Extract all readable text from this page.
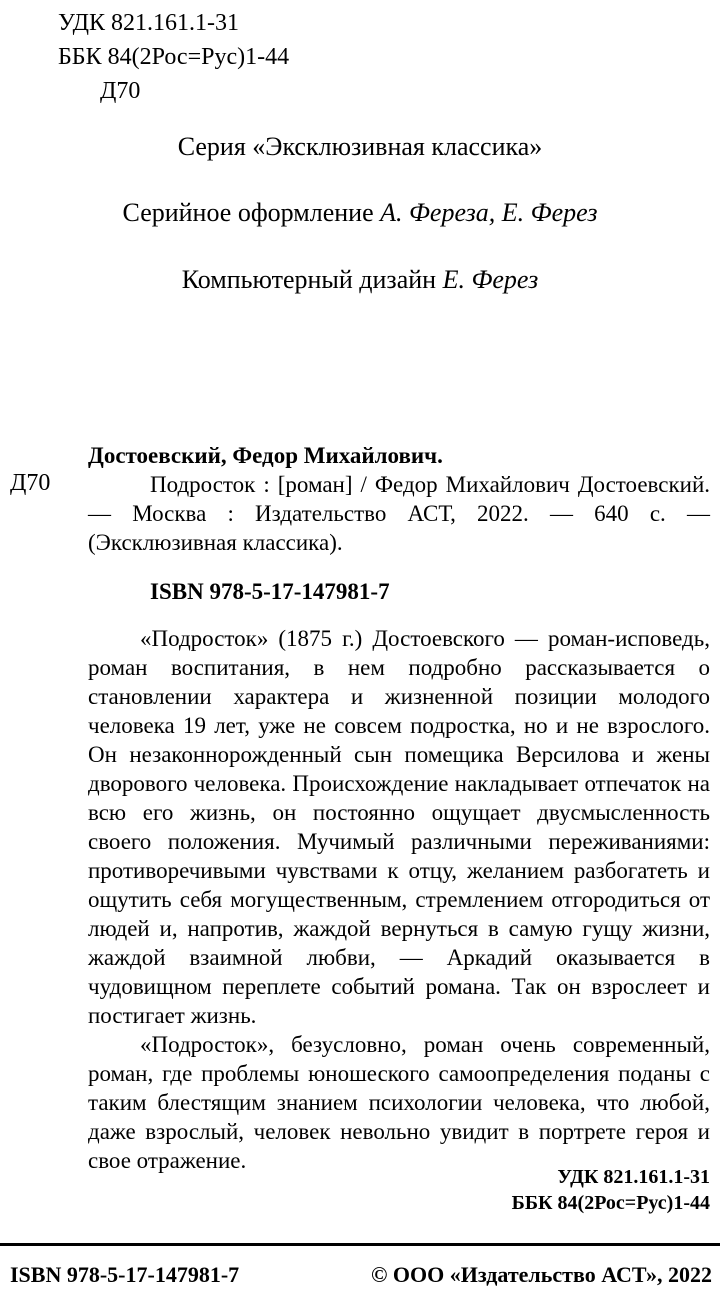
УДК 821.161.1-31
ББК 84(2Рос=Рус)1-44
Д70
Серия «Эксклюзивная классика»
Серийное оформление А. Фереза, Е. Ферез
Компьютерный дизайн Е. Ферез
Д70
Достоевский, Федор Михайлович.

Подросток : [роман] / Федор Михайлович Достоевский. — Москва : Издательство АСТ, 2022. — 640 с. — (Эксклюзивная классика).

ISBN 978-5-17-147981-7

«Подросток» (1875 г.) Достоевского — роман-исповедь, роман воспитания, в нем подробно рассказывается о становлении характера и жизненной позиции молодого человека 19 лет, уже не совсем подростка, но и не взрослого. Он незаконнорожденный сын помещика Версилова и жены дворового человека. Происхождение накладывает отпечаток на всю его жизнь, он постоянно ощущает двусмысленность своего положения. Мучимый различными переживаниями: противоречивыми чувствами к отцу, желанием разбогатеть и ощутить себя могущественным, стремлением отгородиться от людей и, напротив, жаждой вернуться в самую гущу жизни, жаждой взаимной любви, — Аркадий оказывается в чудовищном переплете событий романа. Так он взрослеет и постигает жизнь.

«Подросток», безусловно, роман очень современный, роман, где проблемы юношеского самоопределения поданы с таким блестящим знанием психологии человека, что любой, даже взрослый, человек невольно увидит в портрете героя и свое отражение.

УДК 821.161.1-31
ББК 84(2Рос=Рус)1-44
ISBN 978-5-17-147981-7	© ООО «Издательство АСТ», 2022
